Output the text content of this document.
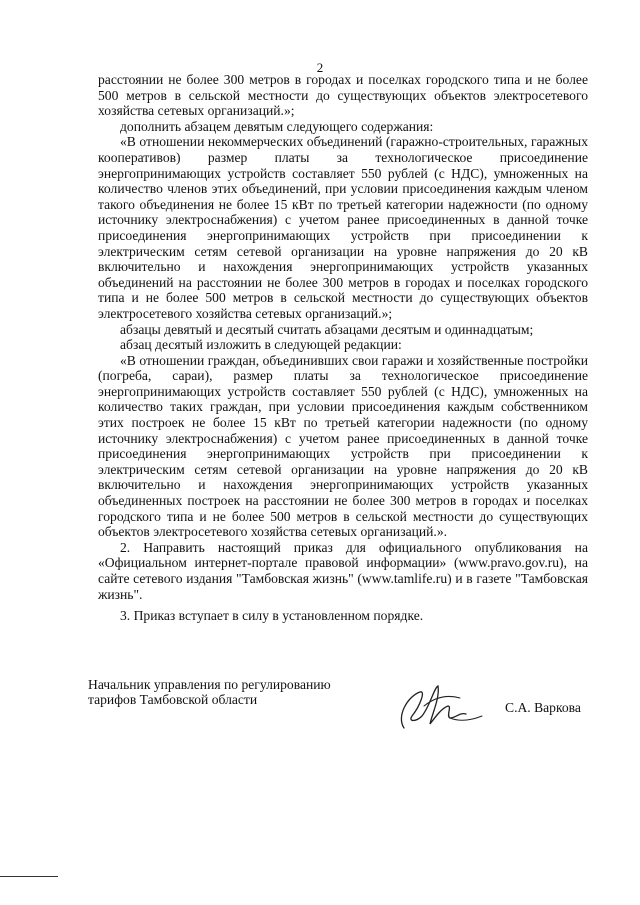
2

расстоянии не более 300 метров в городах и поселках городского типа и не более 500 метров в сельской местности до существующих объектов электросетевого хозяйства сетевых организаций.»;

дополнить абзацем девятым следующего содержания:

«В отношении некоммерческих объединений (гаражно-строительных, гаражных кооперативов) размер платы за технологическое присоединение энергопринимающих устройств составляет 550 рублей (с НДС), умноженных на количество членов этих объединений, при условии присоединения каждым членом такого объединения не более 15 кВт по третьей категории надежности (по одному источнику электроснабжения) с учетом ранее присоединенных в данной точке присоединения энергопринимающих устройств при присоединении к электрическим сетям сетевой организации на уровне напряжения до 20 кВ включительно и нахождения энергопринимающих устройств указанных объединений на расстоянии не более 300 метров в городах и поселках городского типа и не более 500 метров в сельской местности до существующих объектов электросетевого хозяйства сетевых организаций.»;

абзацы девятый и десятый считать абзацами десятым и одиннадцатым;

абзац десятый изложить в следующей редакции:

«В отношении граждан, объединивших свои гаражи и хозяйственные постройки (погреба, сараи), размер платы за технологическое присоединение энергопринимающих устройств составляет 550 рублей (с НДС), умноженных на количество таких граждан, при условии присоединения каждым собственником этих построек не более 15 кВт по третьей категории надежности (по одному источнику электроснабжения) с учетом ранее присоединенных в данной точке присоединения энергопринимающих устройств при присоединении к электрическим сетям сетевой организации на уровне напряжения до 20 кВ включительно и нахождения энергопринимающих устройств указанных объединенных построек на расстоянии не более 300 метров в городах и поселках городского типа и не более 500 метров в сельской местности до существующих объектов электросетевого хозяйства сетевых организаций.».

2. Направить настоящий приказ для официального опубликования на «Официальном интернет-портале правовой информации» (www.pravo.gov.ru), на сайте сетевого издания "Тамбовская жизнь" (www.tamlife.ru) и в газете "Тамбовская жизнь".

3. Приказ вступает в силу в установленном порядке.

Начальник управления по регулированию
тарифов Тамбовской области
С.А. Варкова
